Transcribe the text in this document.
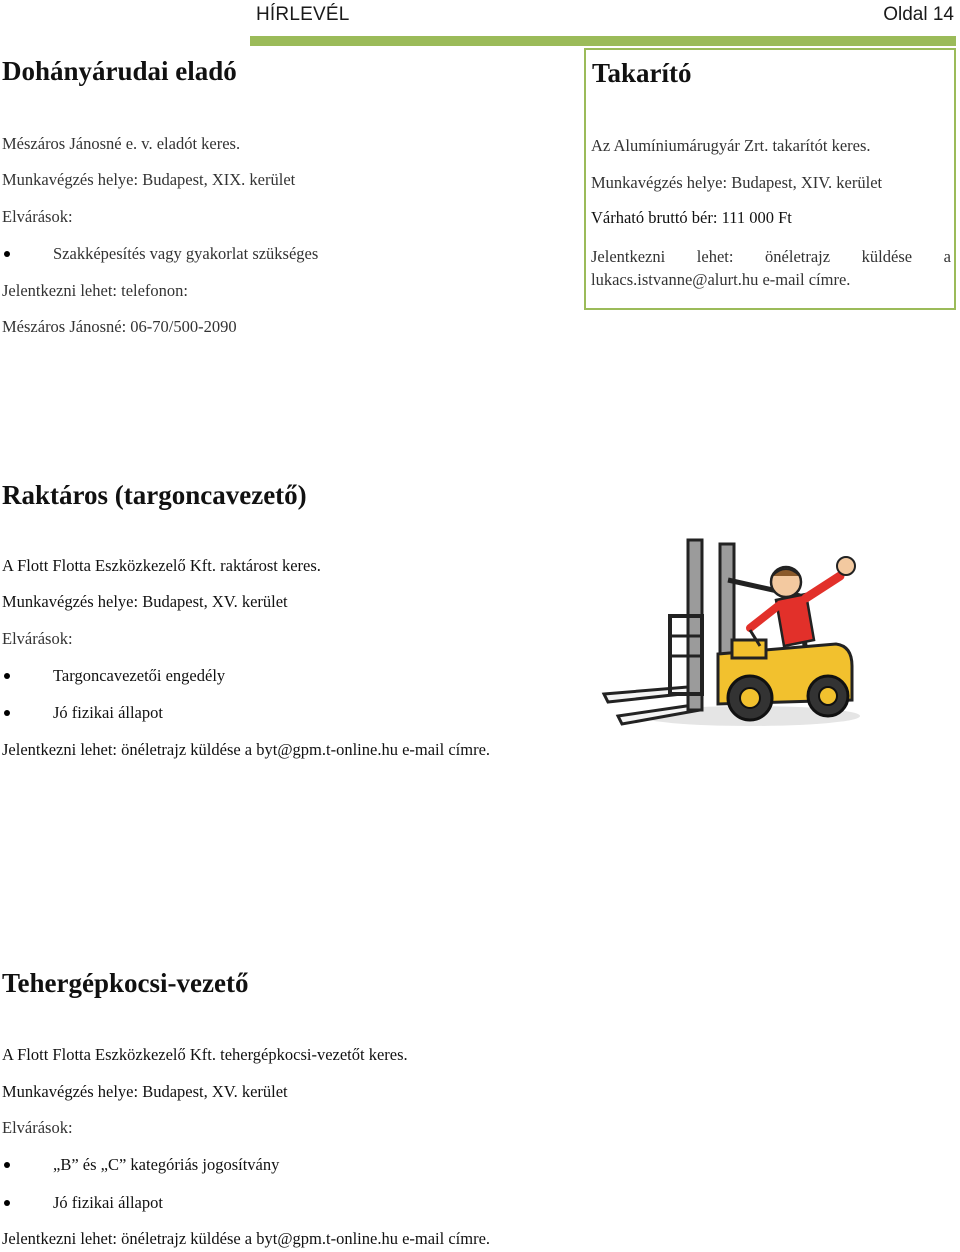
HÍRLEVÉL	Oldal 14
Dohányárudai eladó

Mészáros Jánosné e. v. eladót keres.

Munkavégzés helye: Budapest, XIX. kerület

Elvárások:

Szakképesítés vagy gyakorlat szükséges

Jelentkezni lehet: telefonon:

Mészáros Jánosné: 06-70/500-2090

Takarító

Az Alumíniumárugyár Zrt. takarítót keres.

Munkavégzés helye: Budapest, XIV. kerület

Várható bruttó bér: 111 000 Ft

Jelentkezni lehet: önéletrajz küldése a

lukacs.istvanne@alurt.hu e-mail címre.

Raktáros (targoncavezető)

A Flott Flotta Eszközkezelő Kft. raktárost keres.

Munkavégzés helye: Budapest, XV. kerület

Elvárások:

Targoncavezetői engedély

Jó fizikai állapot

Jelentkezni lehet: önéletrajz küldése a byt@gpm.t-online.hu e-mail címre.

Tehergépkocsi-vezető

A Flott Flotta Eszközkezelő Kft. tehergépkocsi-vezetőt keres.

Munkavégzés helye: Budapest, XV. kerület

Elvárások:

„B” és „C” kategóriás jogosítvány

Jó fizikai állapot

Jelentkezni lehet: önéletrajz küldése a byt@gpm.t-online.hu e-mail címre.
